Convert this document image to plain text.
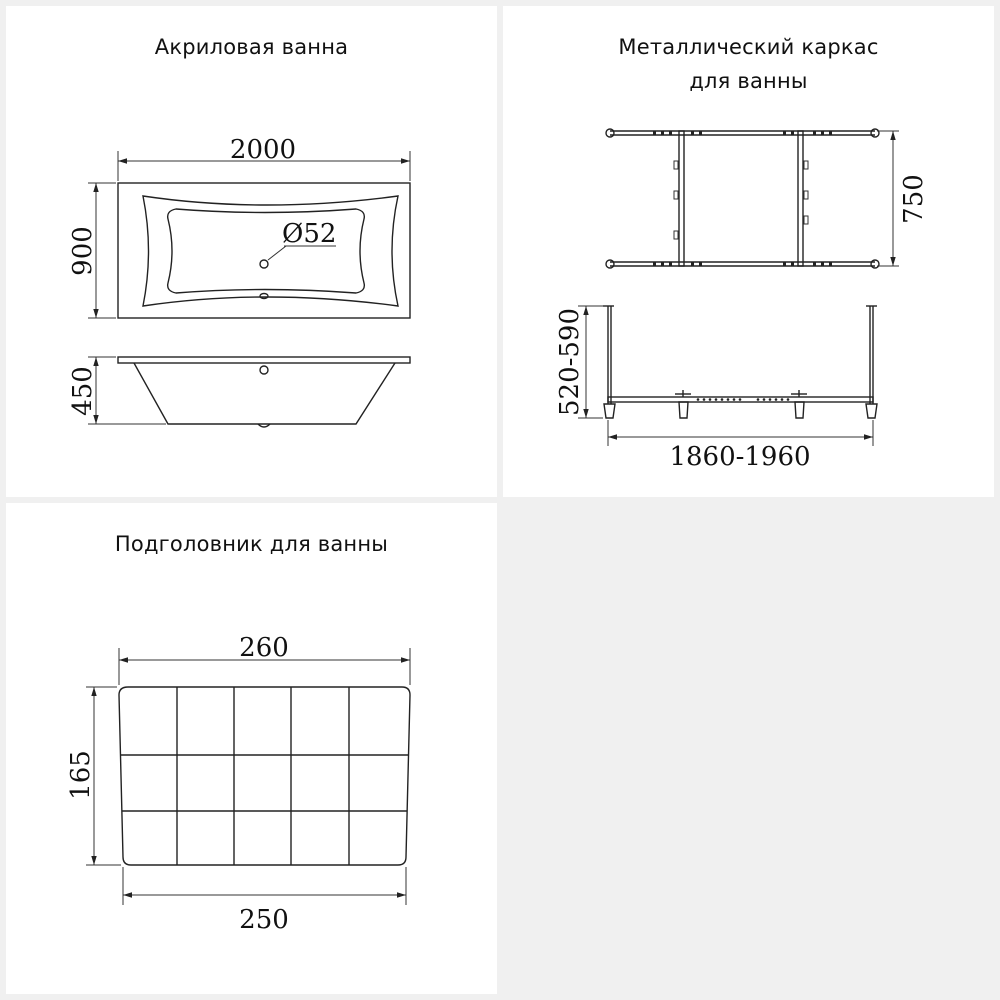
Акриловая ванна
Ø52
2000
900
450
Металлический каркас
для ванны
750
520-590
1860-1960
Подголовник для ванны
260
165
250
